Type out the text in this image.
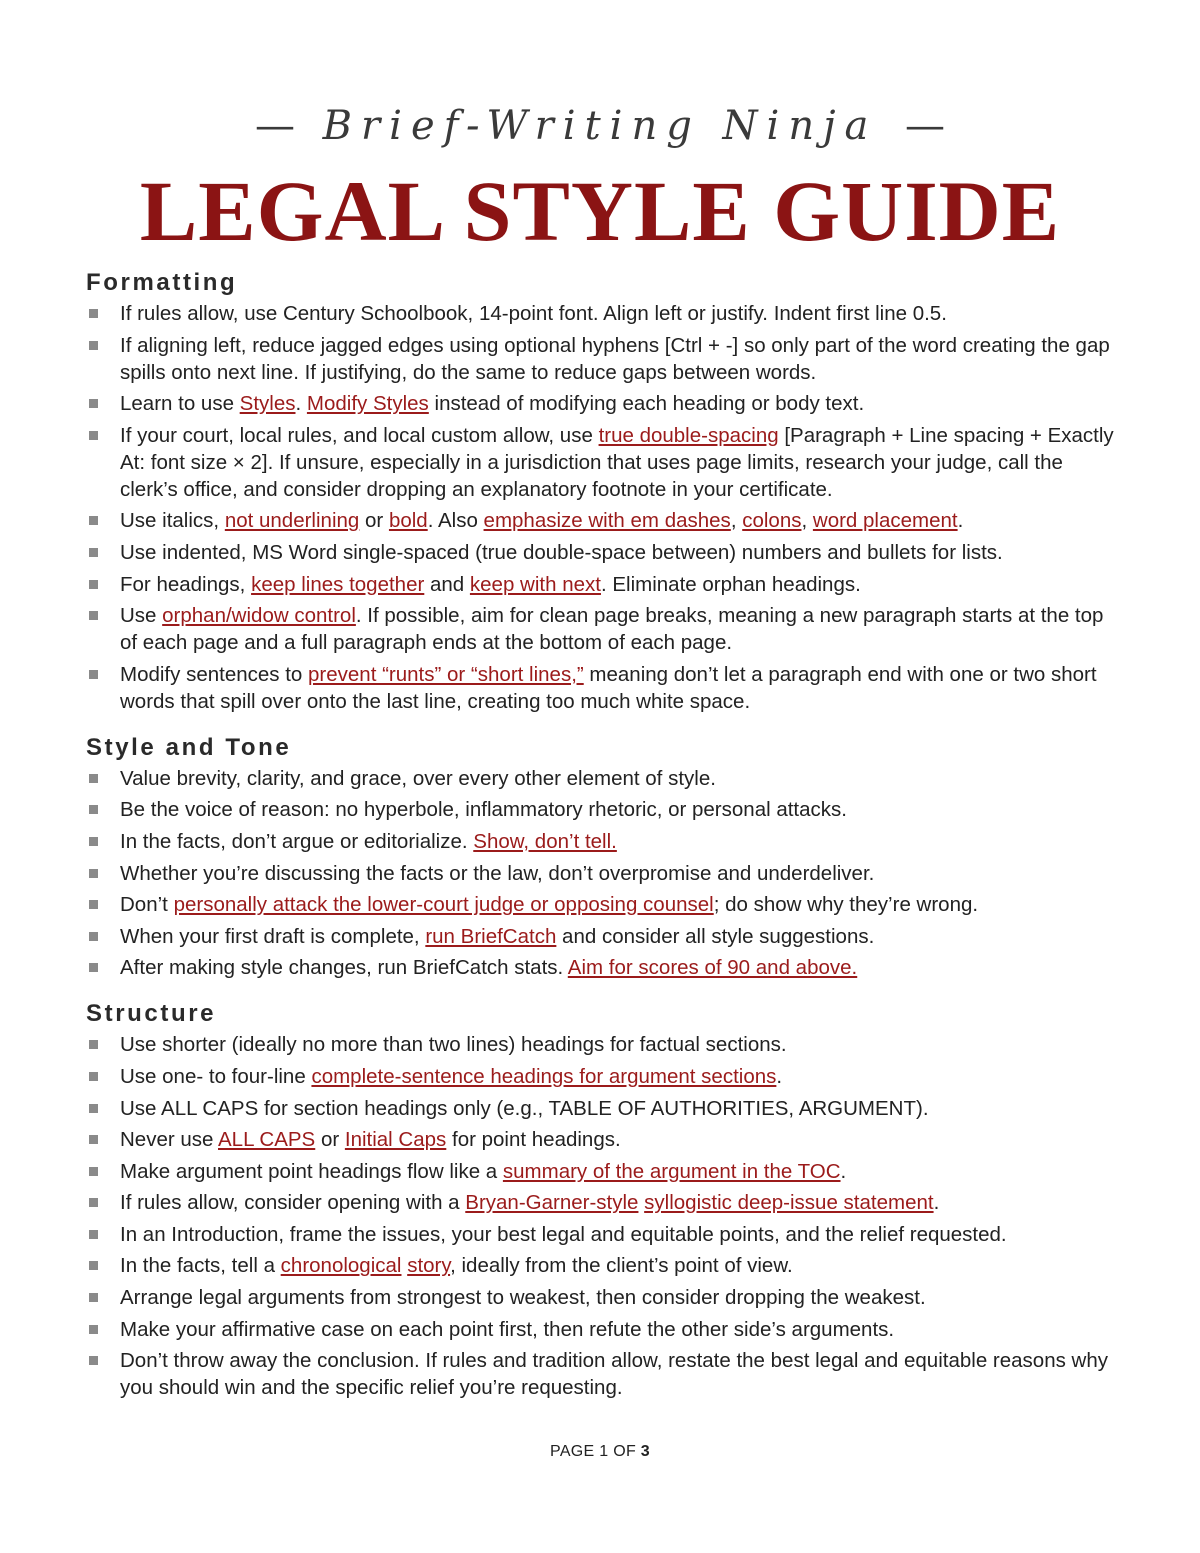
— Brief-Writing Ninja —
LEGAL STYLE GUIDE
Formatting
If rules allow, use Century Schoolbook, 14-point font. Align left or justify. Indent first line 0.5.
If aligning left, reduce jagged edges using optional hyphens [Ctrl + -] so only part of the word creating the gap spills onto next line. If justifying, do the same to reduce gaps between words.
Learn to use Styles. Modify Styles instead of modifying each heading or body text.
If your court, local rules, and local custom allow, use true double-spacing [Paragraph + Line spacing + Exactly At: font size × 2]. If unsure, especially in a jurisdiction that uses page limits, research your judge, call the clerk’s office, and consider dropping an explanatory footnote in your certificate.
Use italics, not underlining or bold. Also emphasize with em dashes, colons, word placement.
Use indented, MS Word single-spaced (true double-space between) numbers and bullets for lists.
For headings, keep lines together and keep with next. Eliminate orphan headings.
Use orphan/widow control. If possible, aim for clean page breaks, meaning a new paragraph starts at the top of each page and a full paragraph ends at the bottom of each page.
Modify sentences to prevent “runts” or “short lines,” meaning don’t let a paragraph end with one or two short words that spill over onto the last line, creating too much white space.
Style and Tone
Value brevity, clarity, and grace, over every other element of style.
Be the voice of reason: no hyperbole, inflammatory rhetoric, or personal attacks.
In the facts, don’t argue or editorialize. Show, don’t tell.
Whether you’re discussing the facts or the law, don’t overpromise and underdeliver.
Don’t personally attack the lower-court judge or opposing counsel; do show why they’re wrong.
When your first draft is complete, run BriefCatch and consider all style suggestions.
After making style changes, run BriefCatch stats. Aim for scores of 90 and above.
Structure
Use shorter (ideally no more than two lines) headings for factual sections.
Use one- to four-line complete-sentence headings for argument sections.
Use ALL CAPS for section headings only (e.g., TABLE OF AUTHORITIES, ARGUMENT).
Never use ALL CAPS or Initial Caps for point headings.
Make argument point headings flow like a summary of the argument in the TOC.
If rules allow, consider opening with a Bryan-Garner-style syllogistic deep-issue statement.
In an Introduction, frame the issues, your best legal and equitable points, and the relief requested.
In the facts, tell a chronological story, ideally from the client’s point of view.
Arrange legal arguments from strongest to weakest, then consider dropping the weakest.
Make your affirmative case on each point first, then refute the other side’s arguments.
Don’t throw away the conclusion. If rules and tradition allow, restate the best legal and equitable reasons why you should win and the specific relief you’re requesting.
PAGE 1 OF 3
